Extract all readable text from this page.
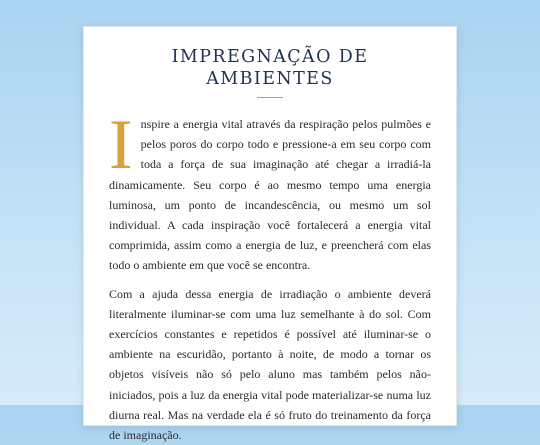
IMPREGNAÇÃO DE AMBIENTES

Inspire a energia vital através da respiração pelos pulmões e pelos poros do corpo todo e pressione-a em seu corpo com toda a força de sua imaginação até chegar a irradiá-la dinamicamente. Seu corpo é ao mesmo tempo uma energia luminosa, um ponto de incandescência, ou mesmo um sol individual. A cada inspiração você fortalecerá a energia vital comprimida, assim como a energia de luz, e preencherá com elas todo o ambiente em que você se encontra.

Com a ajuda dessa energia de irradiação o ambiente deverá literalmente iluminar-se com uma luz semelhante à do sol. Com exercícios constantes e repetidos é possível até iluminar-se o ambiente na escuridão, portanto à noite, de modo a tornar os objetos visíveis não só pelo aluno mas também pelos não-iniciados, pois a luz da energia vital pode materializar-se numa luz diurna real. Mas na verdade ela é só fruto do treinamento da força de imaginação.
